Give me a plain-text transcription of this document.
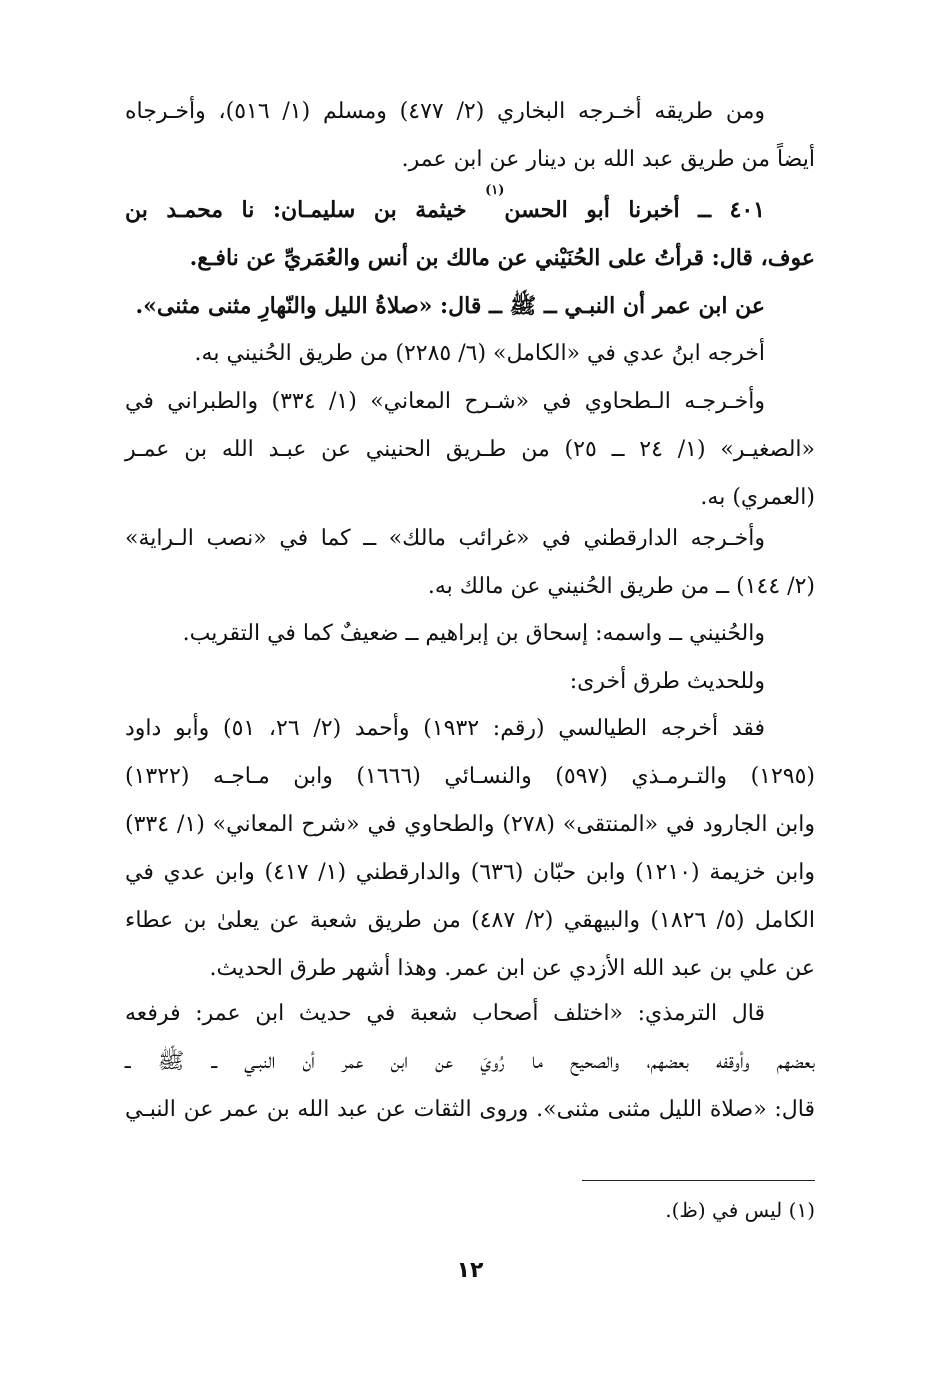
ومن طريقه أخـرجه البخاري (٢/ ٤٧٧) ومسلم (١/ ٥١٦)، وأخـرجاه
أيضاً من طريق عبد الله بن دينار عن ابن عمر.
٤٠١ ــ أخبرنا أبو الحسن$^{(١)}$ خيثمة بن سليمـان: نا محمـد بن
عوف، قال: قرأتُ على الحُنَيْني عن مالك بن أنس والعُمَريِّ عن نافـع.
عن ابن عمر أن النبـي ــ ﷺ ــ قال: «صلاةُ الليل والنّهارِ مثنى مثنى».
أخرجه ابنُ عدي في «الكامل» (٦/ ٢٢٨٥) من طريق الحُنيني به.
وأخـرجـه الـطحاوي في «شـرح المعاني» (١/ ٣٣٤) والطبراني في
«الصغيـر» (١/ ٢٤ ــ ٢٥) من طـريق الحنيني عن عبـد الله بن عمـر
(العمري) به.
وأخـرجه الدارقطني في «غرائب مالك» ــ كما في «نصب الـراية»
(٢/ ١٤٤) ــ من طريق الحُنيني عن مالك به.
والحُنيني ــ واسمه: إسحاق بن إبراهيم ــ ضعيفٌ كما في التقريب.
وللحديث طرق أخرى:
فقد أخرجه الطيالسي (رقم: ١٩٣٢) وأحمد (٢/ ٢٦، ٥١) وأبو داود
(١٢٩٥) والتـرمـذي (٥٩٧) والنسـائي (١٦٦٦) وابن مـاجـه (١٣٢٢)
وابن الجارود في «المنتقى» (٢٧٨) والطحاوي في «شرح المعاني» (١/ ٣٣٤)
وابن خزيمة (١٢١٠) وابن حبّان (٦٣٦) والدارقطني (١/ ٤١٧) وابن عدي في
الكامل (٥/ ١٨٢٦) والبيهقي (٢/ ٤٨٧) من طريق شعبة عن يعلىٰ بن عطاء
عن علي بن عبد الله الأزدي عن ابن عمر. وهذا أشهر طرق الحديث.
قال الترمذي: «اختلف أصحاب شعبة في حديث ابن عمر: فرفعه
بعضهم وأوقفه بعضهم، والصحيح ما رُويَ عن ابن عمر أن النبـي ــ ﷺ ــ
قال: «صلاة الليل مثنى مثنى». وروى الثقات عن عبد الله بن عمر عن النبـي
(١) ليس في (ظ).
١٢
